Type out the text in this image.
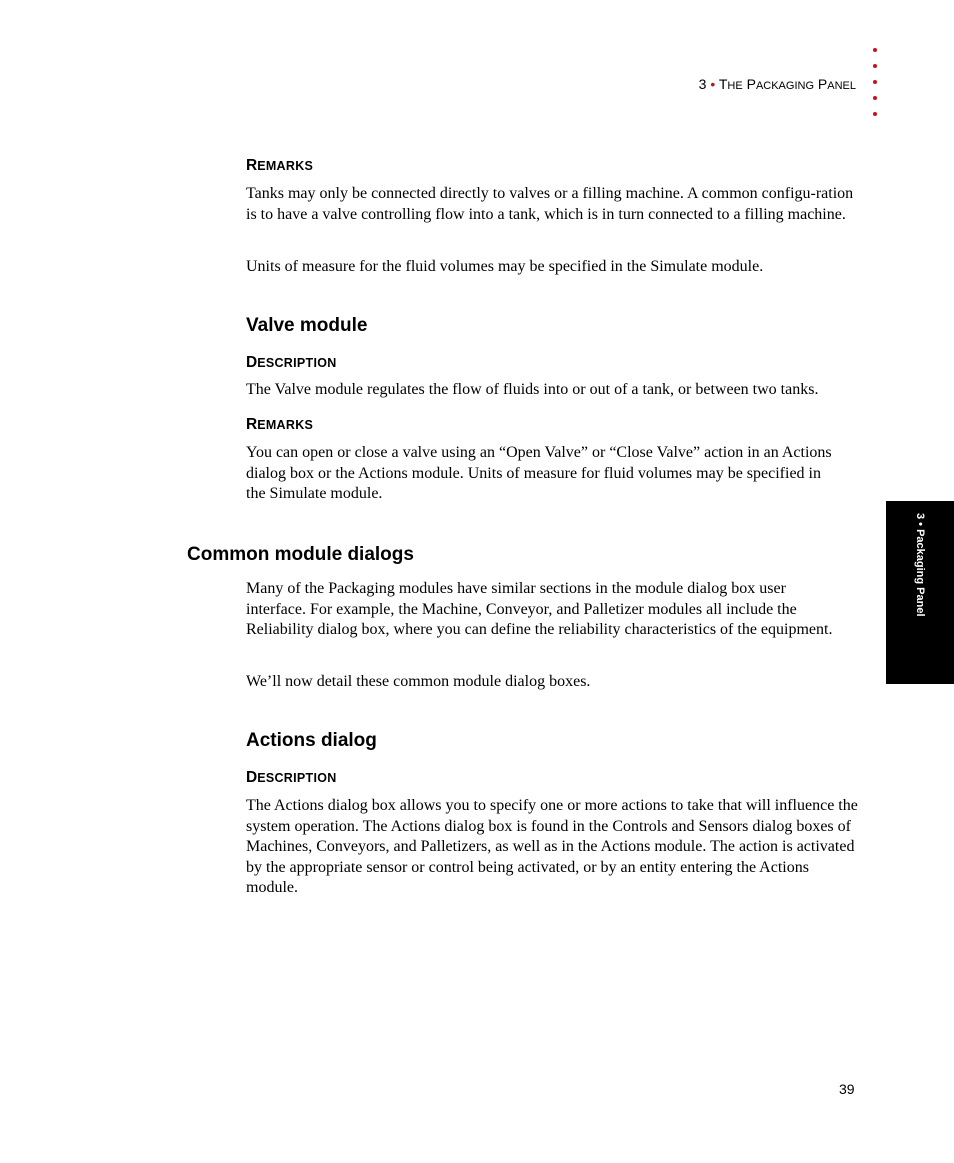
3 • THE PACKAGING PANEL
REMARKS
Tanks may only be connected directly to valves or a filling machine. A common configu-ration is to have a valve controlling flow into a tank, which is in turn connected to a filling machine.
Units of measure for the fluid volumes may be specified in the Simulate module.
Valve module
DESCRIPTION
The Valve module regulates the flow of fluids into or out of a tank, or between two tanks.
REMARKS
You can open or close a valve using an “Open Valve” or “Close Valve” action in an Actions dialog box or the Actions module. Units of measure for fluid volumes may be specified in the Simulate module.
Common module dialogs
Many of the Packaging modules have similar sections in the module dialog box user interface. For example, the Machine, Conveyor, and Palletizer modules all include the Reliability dialog box, where you can define the reliability characteristics of the equipment.
We’ll now detail these common module dialog boxes.
Actions dialog
DESCRIPTION
The Actions dialog box allows you to specify one or more actions to take that will influence the system operation. The Actions dialog box is found in the Controls and Sensors dialog boxes of Machines, Conveyors, and Palletizers, as well as in the Actions module. The action is activated by the appropriate sensor or control being activated, or by an entity entering the Actions module.
3 • Packaging Panel
39
